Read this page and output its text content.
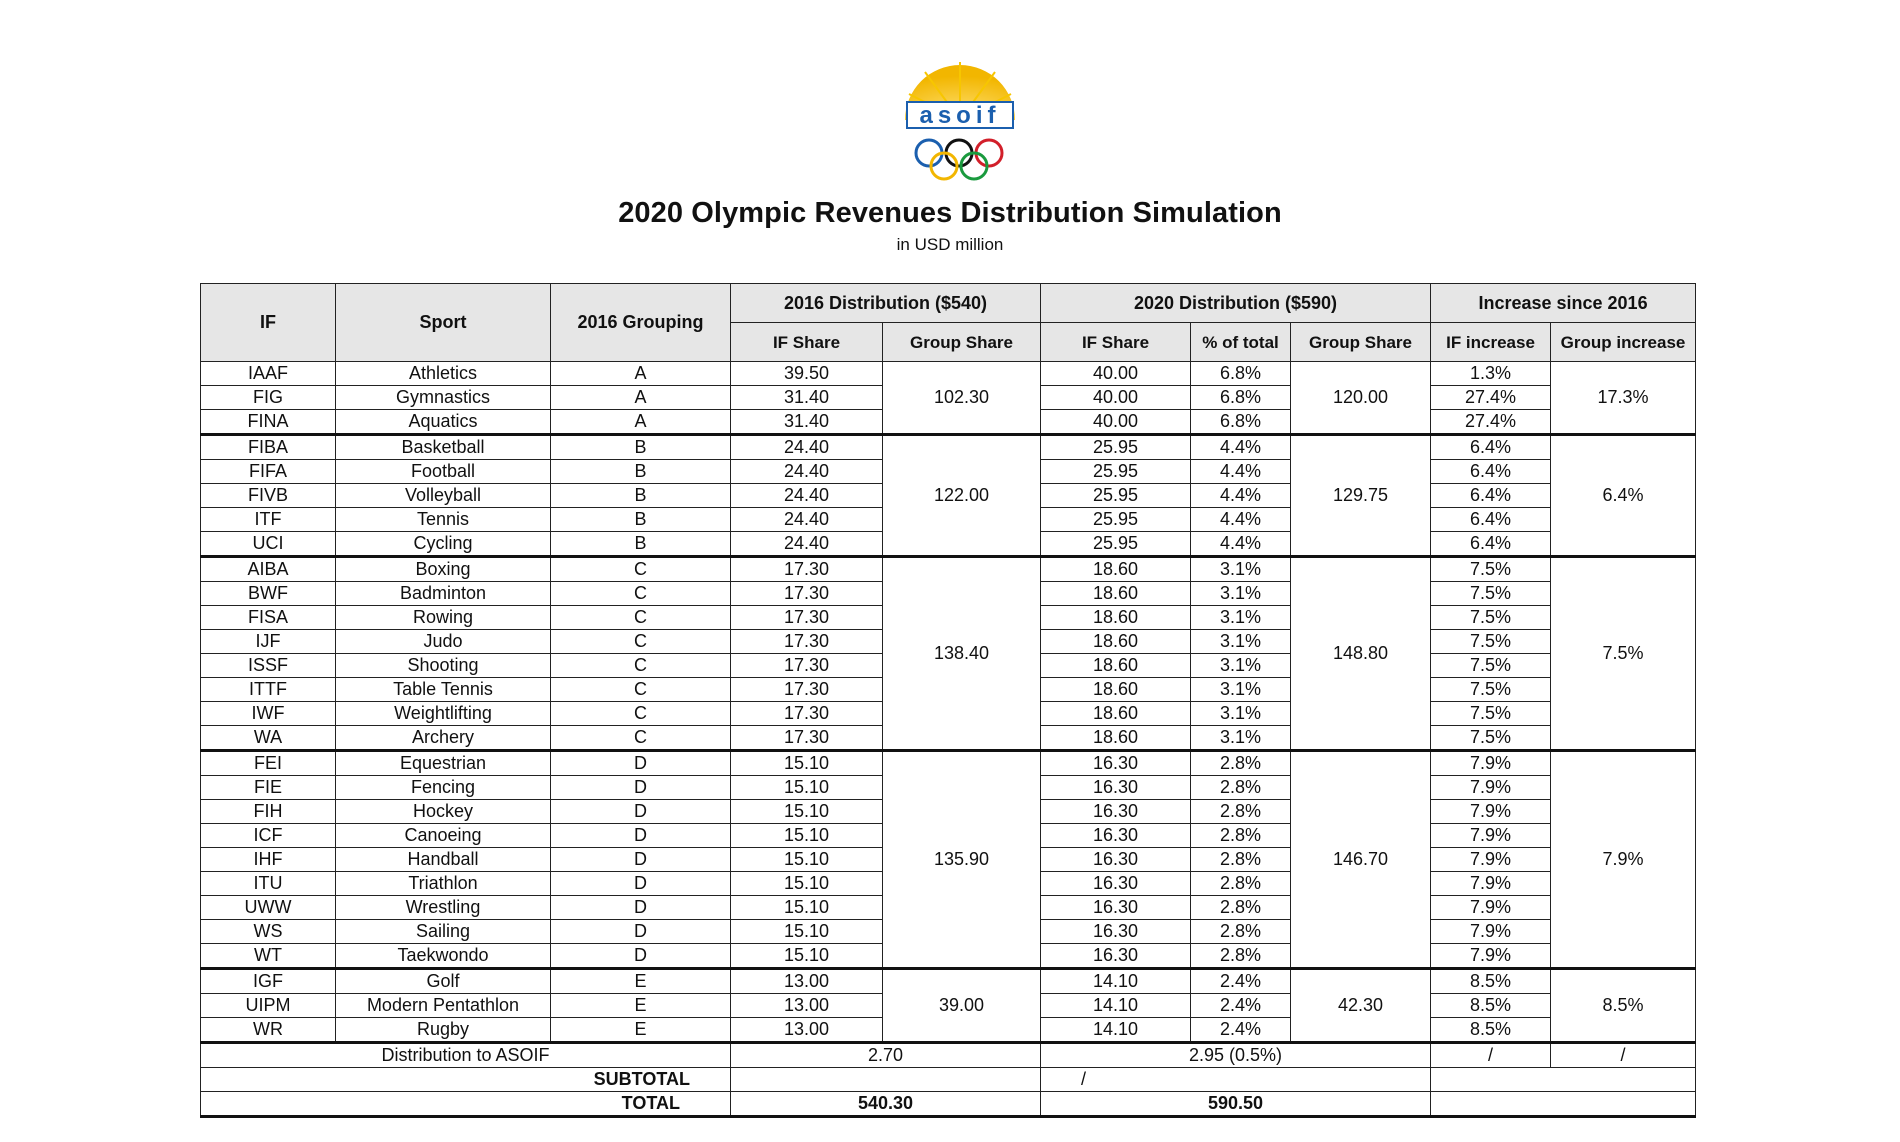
asoif
2020 Olympic Revenues Distribution Simulation
in USD million
IF	Sport	2016 Grouping	2016 Distribution ($540)		2020 Distribution ($590)			Increase since 2016	
			IF Share	Group Share	IF Share	% of total	Group Share	IF increase	Group increase
IAAF	Athletics	A	39.50	102.30	40.00	6.8%	120.00	1.3%	17.3%
FIG	Gymnastics	A	31.40		40.00	6.8%		27.4%	
FINA	Aquatics	A	31.40		40.00	6.8%		27.4%	
FIBA	Basketball	B	24.40	122.00	25.95	4.4%	129.75	6.4%	6.4%
FIFA	Football	B	24.40		25.95	4.4%		6.4%	
FIVB	Volleyball	B	24.40		25.95	4.4%		6.4%	
ITF	Tennis	B	24.40		25.95	4.4%		6.4%	
UCI	Cycling	B	24.40		25.95	4.4%		6.4%	
AIBA	Boxing	C	17.30	138.40	18.60	3.1%	148.80	7.5%	7.5%
BWF	Badminton	C	17.30		18.60	3.1%		7.5%	
FISA	Rowing	C	17.30		18.60	3.1%		7.5%	
IJF	Judo	C	17.30		18.60	3.1%		7.5%	
ISSF	Shooting	C	17.30		18.60	3.1%		7.5%	
ITTF	Table Tennis	C	17.30		18.60	3.1%		7.5%	
IWF	Weightlifting	C	17.30		18.60	3.1%		7.5%	
WA	Archery	C	17.30		18.60	3.1%		7.5%	
FEI	Equestrian	D	15.10	135.90	16.30	2.8%	146.70	7.9%	7.9%
FIE	Fencing	D	15.10		16.30	2.8%		7.9%	
FIH	Hockey	D	15.10		16.30	2.8%		7.9%	
ICF	Canoeing	D	15.10		16.30	2.8%		7.9%	
IHF	Handball	D	15.10		16.30	2.8%		7.9%	
ITU	Triathlon	D	15.10		16.30	2.8%		7.9%	
UWW	Wrestling	D	15.10		16.30	2.8%		7.9%	
WS	Sailing	D	15.10		16.30	2.8%		7.9%	
WT	Taekwondo	D	15.10		16.30	2.8%		7.9%	
IGF	Golf	E	13.00	39.00	14.10	2.4%	42.30	8.5%	8.5%
UIPM	Modern Pentathlon	E	13.00		14.10	2.4%		8.5%	
WR	Rugby	E	13.00		14.10	2.4%		8.5%	
Distribution to ASOIF			2.70		2.95 (0.5%)			/	/
SUBTOTAL					/				
TOTAL			540.30		590.50				
